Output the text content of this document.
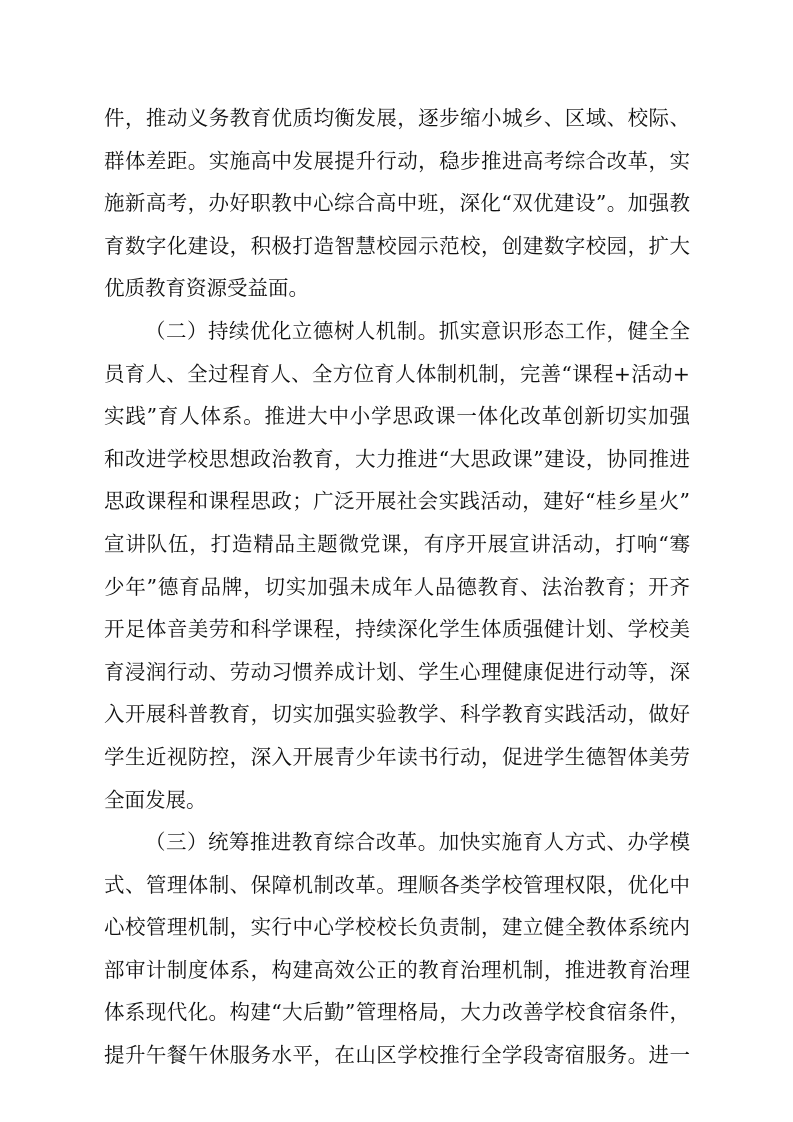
件，推动义务教育优质均衡发展，逐步缩小城乡、区域、校际、
群体差距。实施高中发展提升行动，稳步推进高考综合改革，实
施新高考，办好职教中心综合高中班，深化“双优建设”。加强教
育数字化建设，积极打造智慧校园示范校，创建数字校园，扩大
优质教育资源受益面。
（二）持续优化立德树人机制。抓实意识形态工作，健全全
员育人、全过程育人、全方位育人体制机制，完善“课程+活动+
实践”育人体系。推进大中小学思政课一体化改革创新切实加强
和改进学校思想政治教育，大力推进“大思政课”建设，协同推进
思政课程和课程思政；广泛开展社会实践活动，建好“桂乡星火”
宣讲队伍，打造精品主题微党课，有序开展宣讲活动，打响“骞
少年”德育品牌，切实加强未成年人品德教育、法治教育；开齐
开足体音美劳和科学课程，持续深化学生体质强健计划、学校美
育浸润行动、劳动习惯养成计划、学生心理健康促进行动等，深
入开展科普教育，切实加强实验教学、科学教育实践活动，做好
学生近视防控，深入开展青少年读书行动，促进学生德智体美劳
全面发展。
（三）统筹推进教育综合改革。加快实施育人方式、办学模
式、管理体制、保障机制改革。理顺各类学校管理权限，优化中
心校管理机制，实行中心学校校长负责制，建立健全教体系统内
部审计制度体系，构建高效公正的教育治理机制，推进教育治理
体系现代化。构建“大后勤”管理格局，大力改善学校食宿条件，
提升午餐午休服务水平，在山区学校推行全学段寄宿服务。进一
